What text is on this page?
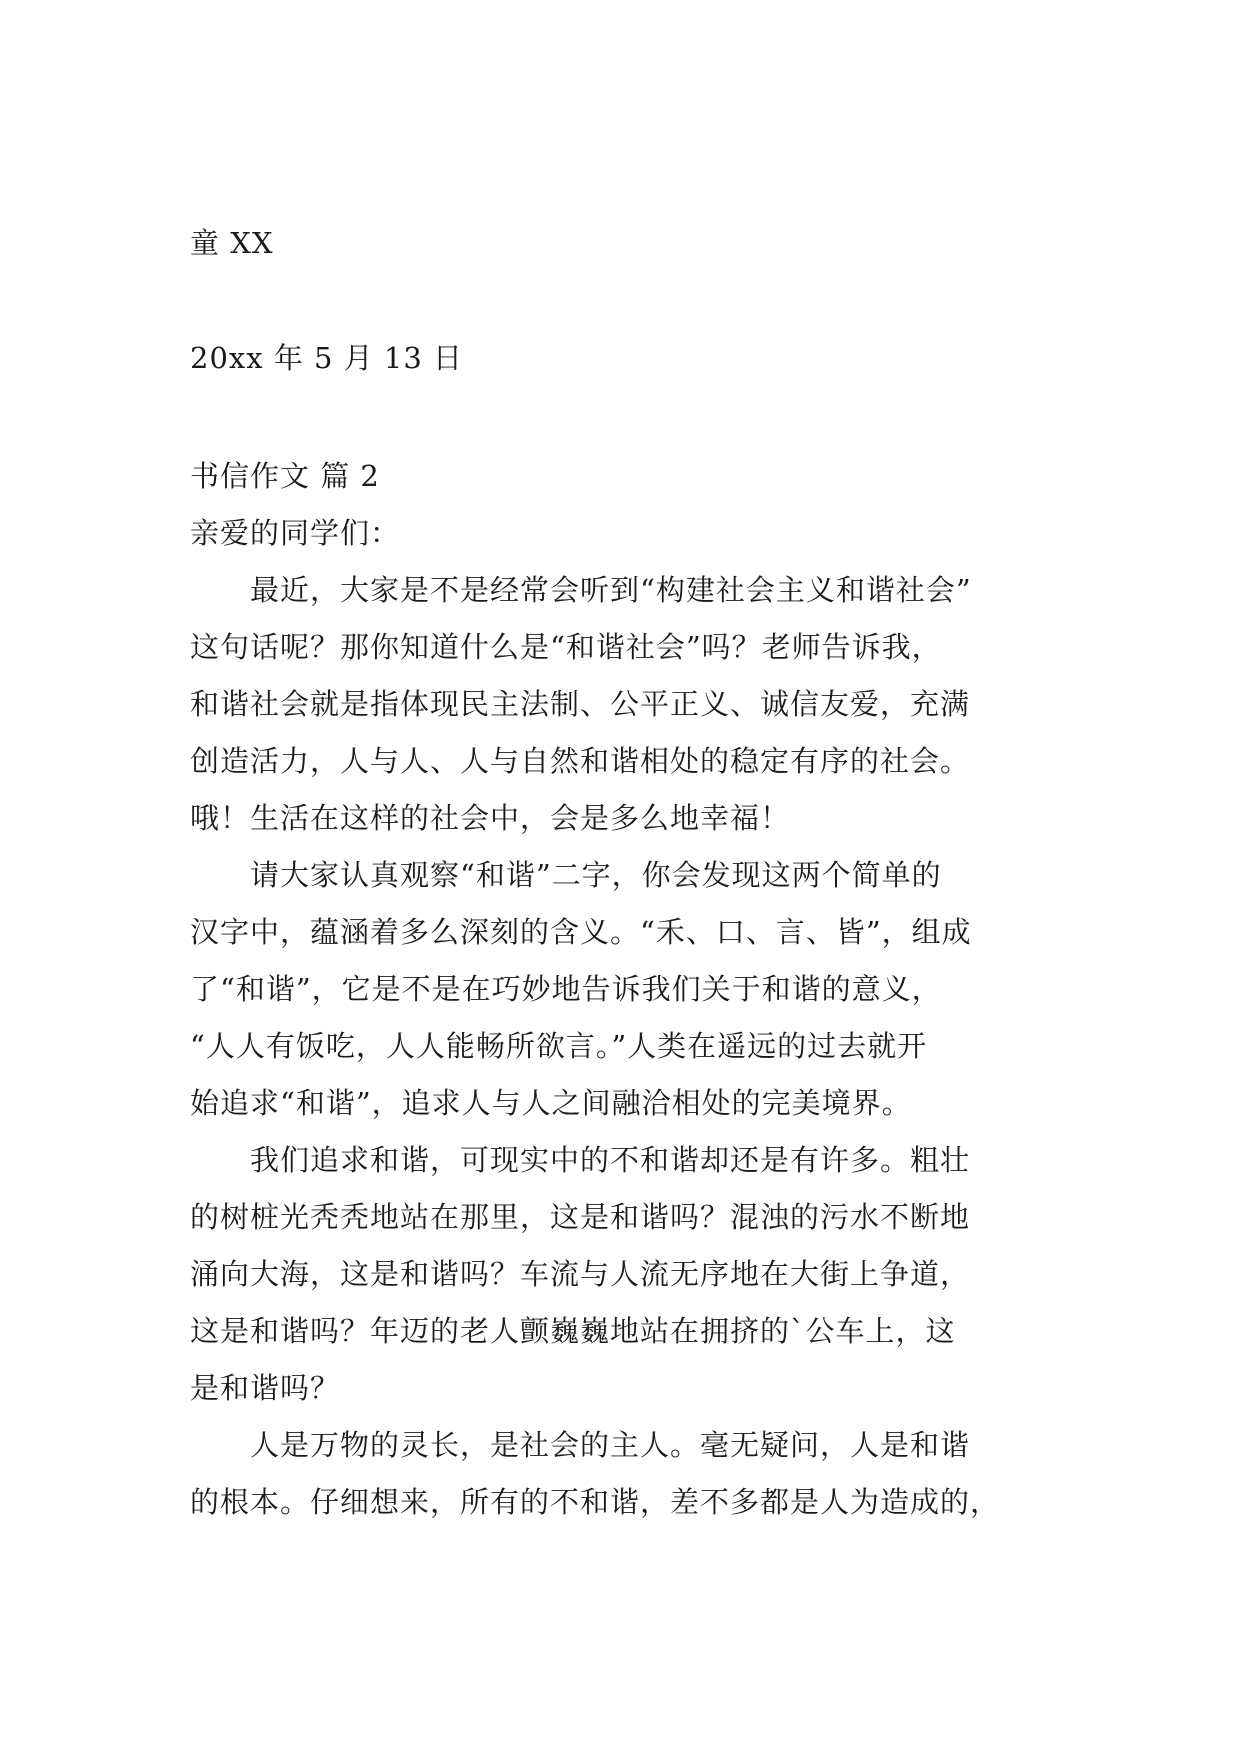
童 XX
20xx 年 5 月 13 日
书信作文 篇 2
亲爱的同学们：
最近，大家是不是经常会听到“构建社会主义和谐社会”
这句话呢？那你知道什么是“和谐社会”吗？老师告诉我，
和谐社会就是指体现民主法制、公平正义、诚信友爱，充满
创造活力，人与人、人与自然和谐相处的稳定有序的社会。
哦！生活在这样的社会中，会是多么地幸福！
请大家认真观察“和谐”二字，你会发现这两个简单的
汉字中，蕴涵着多么深刻的含义。“禾、口、言、皆”，组成
了“和谐”，它是不是在巧妙地告诉我们关于和谐的意义，
“人人有饭吃，人人能畅所欲言。”人类在遥远的过去就开
始追求“和谐”，追求人与人之间融洽相处的完美境界。
我们追求和谐，可现实中的不和谐却还是有许多。粗壮
的树桩光秃秃地站在那里，这是和谐吗？混浊的污水不断地
涌向大海，这是和谐吗？车流与人流无序地在大街上争道，
这是和谐吗？年迈的老人颤巍巍地站在拥挤的`公车上，这
是和谐吗？
人是万物的灵长，是社会的主人。毫无疑问，人是和谐
的根本。仔细想来，所有的不和谐，差不多都是人为造成的，
